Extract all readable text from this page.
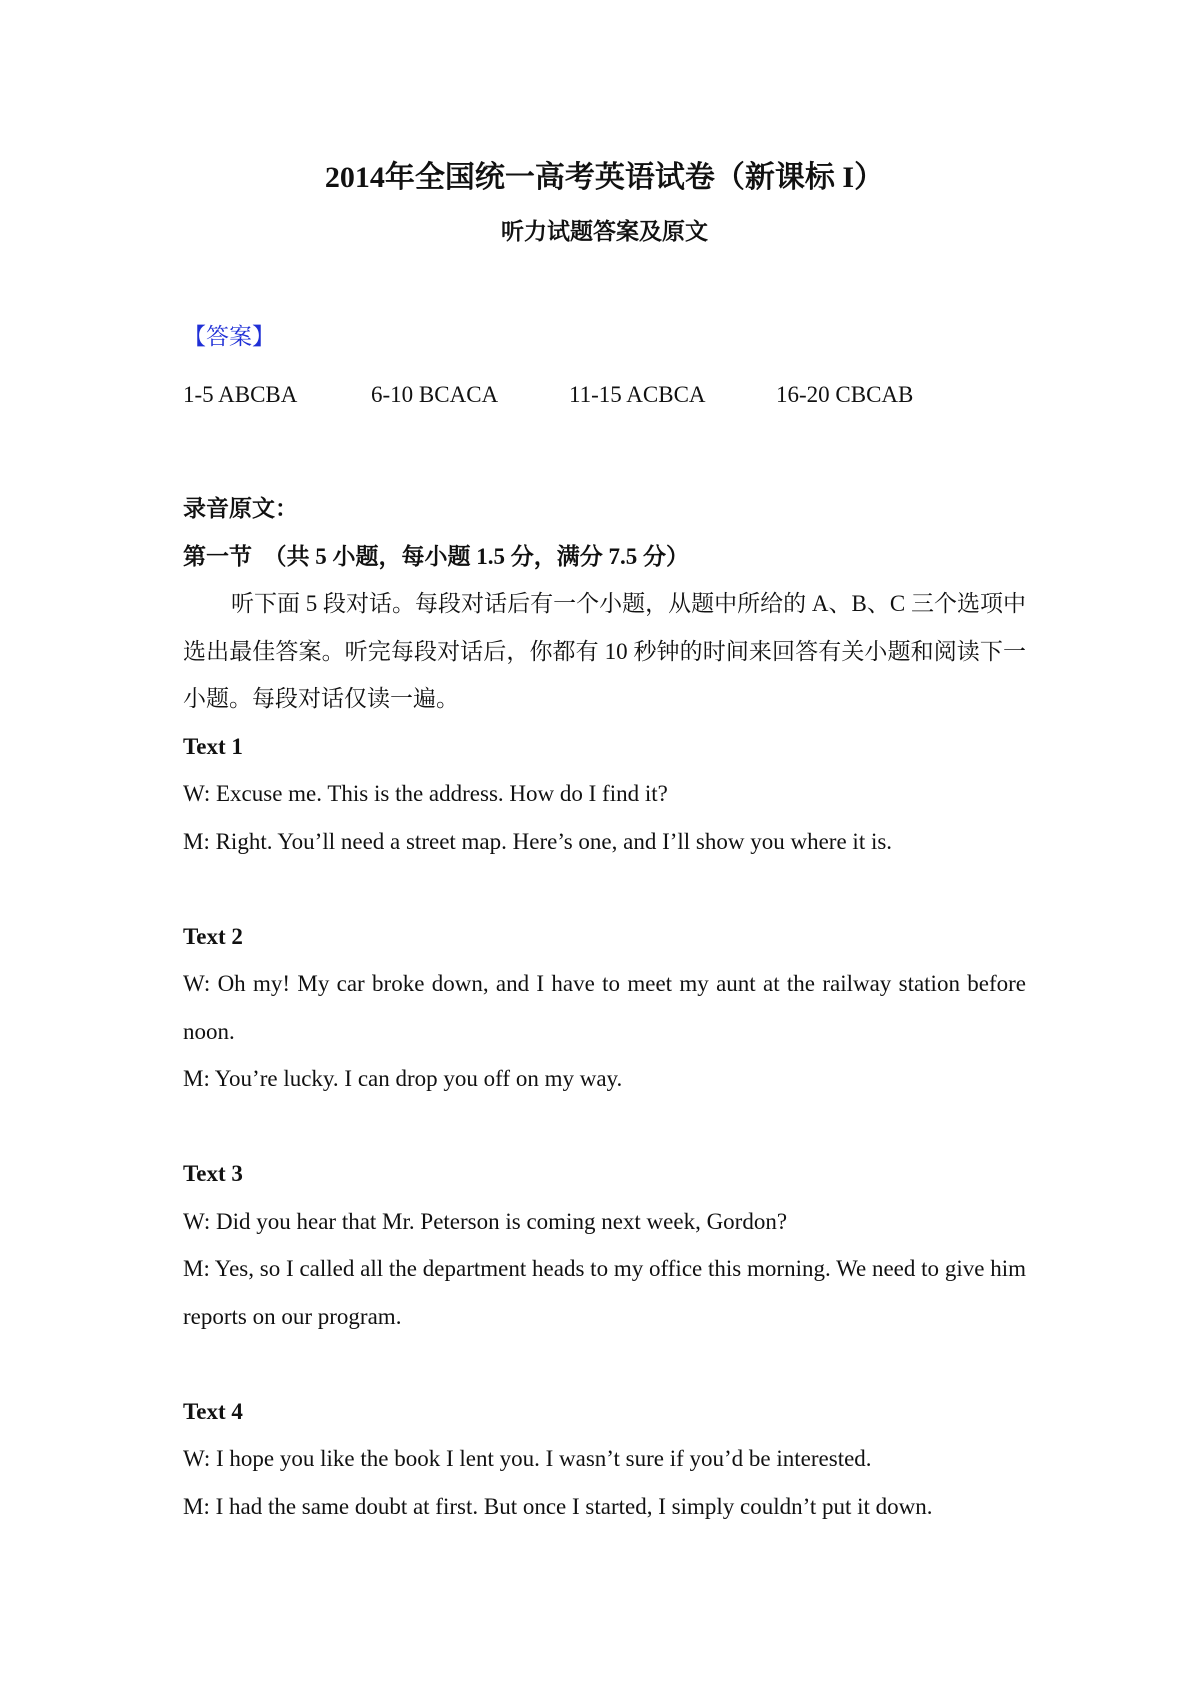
2014年全国统一高考英语试卷（新课标 I）
听力试题答案及原文
【答案】
1-5 ABCBA	6-10 BCACA	11-15 ACBCA	16-20 CBCAB
录音原文：
第一节　（共 5 小题，每小题 1.5 分，满分 7.5 分）
听下面 5 段对话。每段对话后有一个小题，从题中所给的 A、B、C 三个选项中选出最佳答案。听完每段对话后，你都有 10 秒钟的时间来回答有关小题和阅读下一小题。每段对话仅读一遍。
Text 1
W: Excuse me. This is the address. How do I find it?
M: Right. You’ll need a street map. Here’s one, and I’ll show you where it is.
Text 2
W: Oh my! My car broke down, and I have to meet my aunt at the railway station before noon.
M: You’re lucky. I can drop you off on my way.
Text 3
W: Did you hear that Mr. Peterson is coming next week, Gordon?
M: Yes, so I called all the department heads to my office this morning. We need to give him reports on our program.
Text 4
W: I hope you like the book I lent you. I wasn’t sure if you’d be interested.
M: I had the same doubt at first. But once I started, I simply couldn’t put it down.
